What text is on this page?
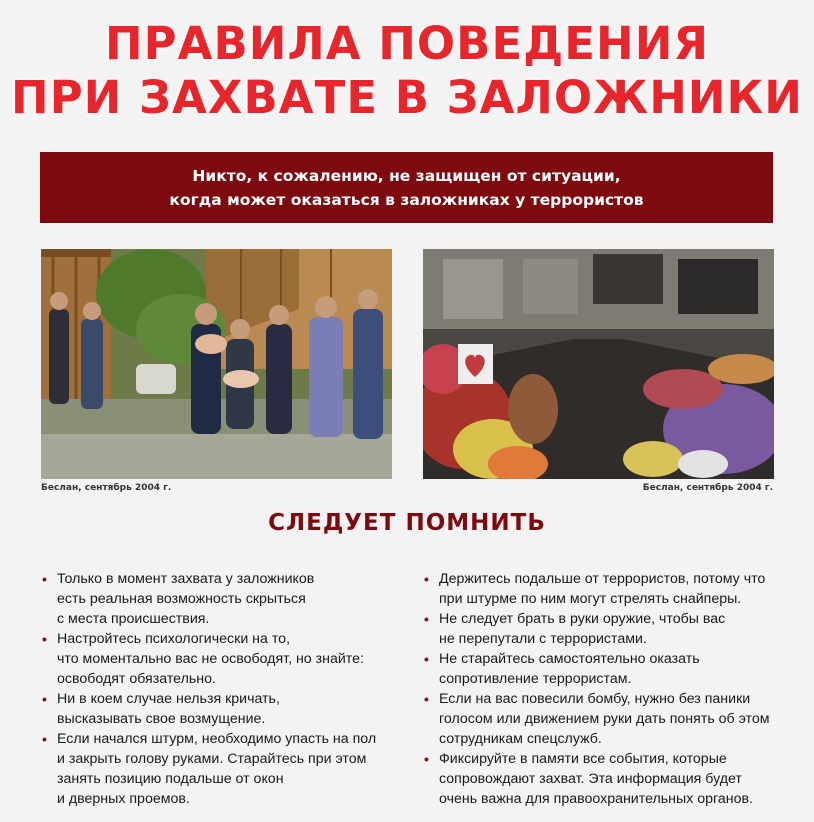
ПРАВИЛА ПОВЕДЕНИЯ
ПРИ ЗАХВАТЕ В ЗАЛОЖНИКИ
Никто, к сожалению, не защищен от ситуации,
когда может оказаться в заложниках у террористов
Беслан, сентябрь 2004 г.	Беслан, сентябрь 2004 г.
СЛЕДУЕТ ПОМНИТЬ
• Только в момент захвата у заложников
есть реальная возможность скрыться
с места происшествия.
• Настройтесь психологически на то,
что моментально вас не освободят, но знайте:
освободят обязательно.
• Ни в коем случае нельзя кричать,
высказывать свое возмущение.
• Если начался штурм, необходимо упасть на пол
и закрыть голову руками. Старайтесь при этом
занять позицию подальше от окон
и дверных проемов.
• Держитесь подальше от террористов, потому что
при штурме по ним могут стрелять снайперы.
• Не следует брать в руки оружие, чтобы вас
не перепутали с террористами.
• Не старайтесь самостоятельно оказать
сопротивление террористам.
• Если на вас повесили бомбу, нужно без паники
голосом или движением руки дать понять об этом
сотрудникам спецслужб.
• Фиксируйте в памяти все события, которые
сопровождают захват. Эта информация будет
очень важна для правоохранительных органов.
